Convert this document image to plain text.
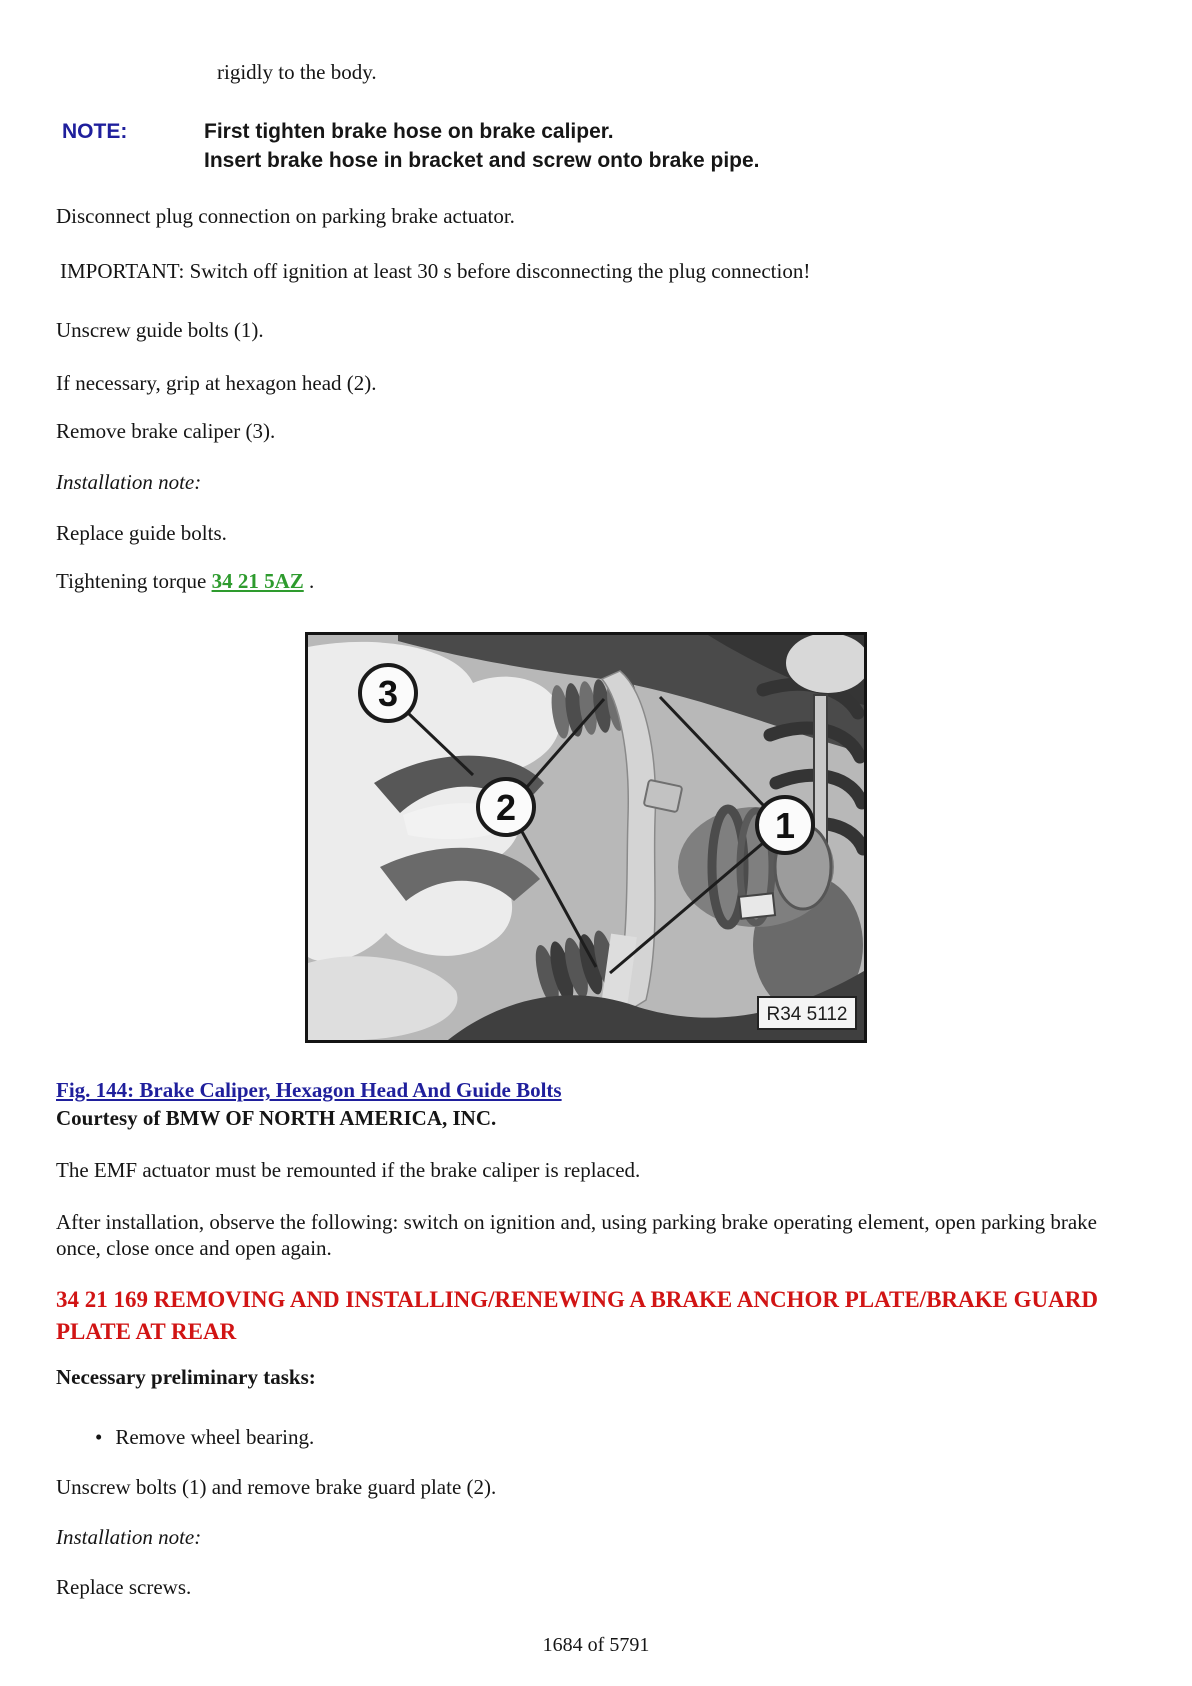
rigidly to the body.
NOTE:	First tighten brake hose on brake caliper.
Insert brake hose in bracket and screw onto brake pipe.
Disconnect plug connection on parking brake actuator.
IMPORTANT: Switch off ignition at least 30 s before disconnecting the plug connection!
Unscrew guide bolts (1).
If necessary, grip at hexagon head (2).
Remove brake caliper (3).
Installation note:
Replace guide bolts.
Tightening torque 34 21 5AZ .
3
2	1
R34 5112
Fig. 144: Brake Caliper, Hexagon Head And Guide Bolts
Courtesy of BMW OF NORTH AMERICA, INC.
The EMF actuator must be remounted if the brake caliper is replaced.
After installation, observe the following: switch on ignition and, using parking brake operating element, open parking brake once, close once and open again.
34 21 169 REMOVING AND INSTALLING/RENEWING A BRAKE ANCHOR PLATE/BRAKE GUARD PLATE AT REAR
Necessary preliminary tasks:
• Remove wheel bearing.
Unscrew bolts (1) and remove brake guard plate (2).
Installation note:
Replace screws.
1684 of 5791
